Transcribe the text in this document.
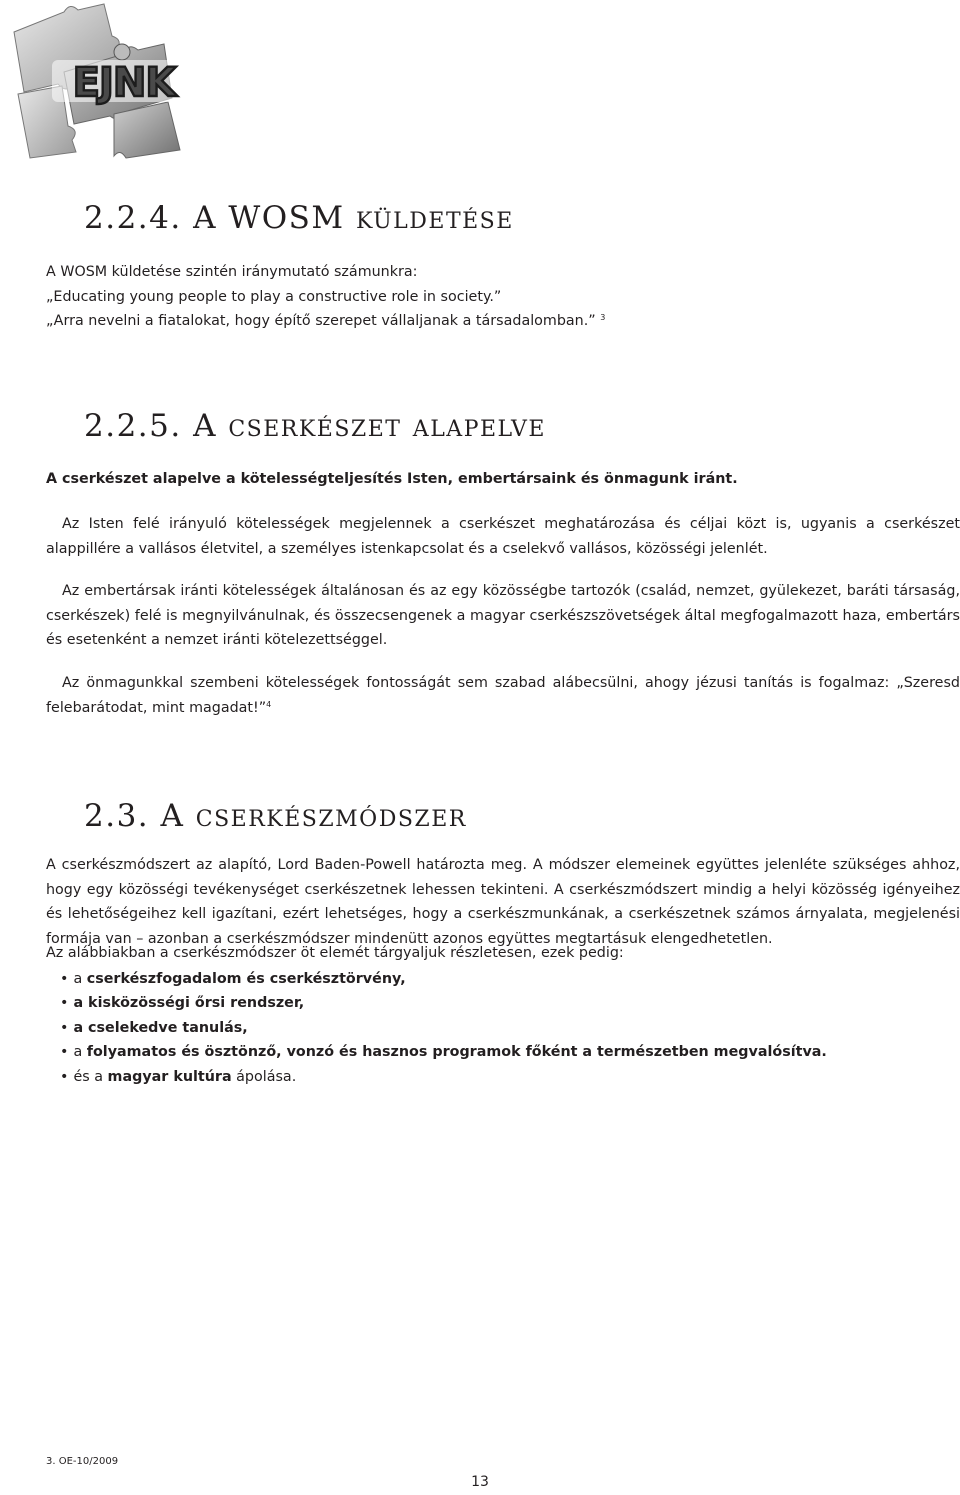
EJNK
2.2.4. A WOSM küldetése
A WOSM küldetése szintén iránymutató számunkra:
„Educating young people to play a constructive role in society.”
„Arra nevelni a fiatalokat, hogy építő szerepet vállaljanak a társadalomban.” $^3$
2.2.5. A cserkészet alapelve
A cserkészet alapelve a kötelességteljesítés Isten, embertársaink és önmagunk iránt.
Az Isten felé irányuló kötelességek megjelennek a cserkészet meghatározása és céljai közt is, ugyanis a cserkészet alappillére a vallásos életvitel, a személyes istenkapcsolat és a cselekvő vallásos, közösségi jelenlét.
Az embertársak iránti kötelességek általánosan és az egy közösségbe tartozók (család, nemzet, gyülekezet, baráti társaság, cserkészek) felé is megnyilvánulnak, és összecsengenek a magyar cserkészszövetségek által megfogalmazott haza, embertárs és esetenként a nemzet iránti kötelezettséggel.
Az önmagunkkal szembeni kötelességek fontosságát sem szabad alábecsülni, ahogy jézusi tanítás is fogalmaz: „Szeresd felebarátodat, mint magadat!”$^4$
2.3. A cserkészmódszer
A cserkészmódszert az alapító, Lord Baden-Powell határozta meg. A módszer elemeinek együttes jelenléte szükséges ahhoz, hogy egy közösségi tevékenységet cserkészetnek lehessen tekinteni. A cserkészmódszert mindig a helyi közösség igényeihez és lehetőségeihez kell igazítani, ezért lehetséges, hogy a cserkészmunkának, a cserkészetnek számos árnyalata, megjelenési formája van – azonban a cserkészmódszer mindenütt azonos együttes megtartásuk elengedhetetlen.
Az alábbiakban a cserkészmódszer öt elemét tárgyaljuk részletesen, ezek pedig:
• a cserkészfogadalom és cserkésztörvény,
• a kisközösségi őrsi rendszer,
• a cselekedve tanulás,
• a folyamatos és ösztönző, vonzó és hasznos programok főként a természetben megvalósítva.
• és a magyar kultúra ápolása.
3. OE-10/2009
13
